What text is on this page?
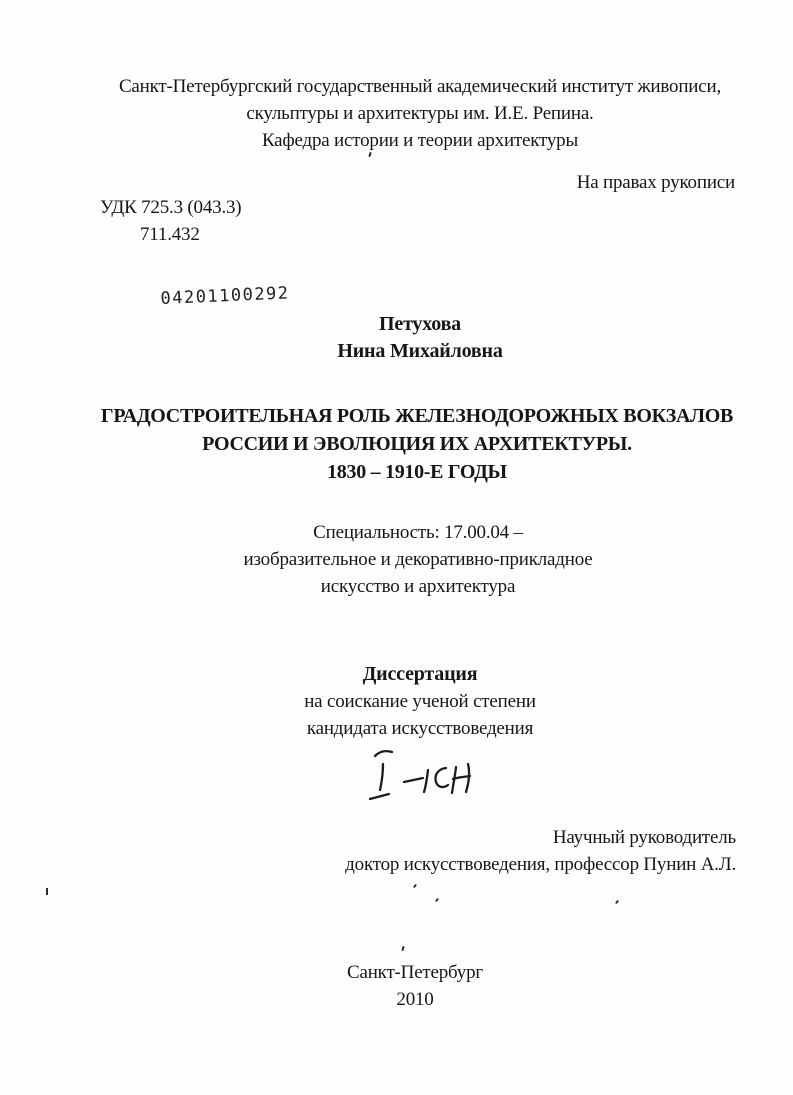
Санкт-Петербургский государственный академический институт живописи,
скульптуры и архитектуры им. И.Е. Репина.
Кафедра истории и теории архитектуры
На правах рукописи
УДК 725.3 (043.3)
711.432
04201100292
Петухова
Нина Михайловна
ГРАДОСТРОИТЕЛЬНАЯ РОЛЬ ЖЕЛЕЗНОДОРОЖНЫХ ВОКЗАЛОВ
РОССИИ И ЭВОЛЮЦИЯ ИХ АРХИТЕКТУРЫ.
1830 – 1910-Е ГОДЫ
Специальность: 17.00.04 –
изобразительное и декоративно-прикладное
искусство и архитектура
Диссертация
на соискание ученой степени
кандидата искусствоведения
Научный руководитель
доктор искусствоведения, профессор Пунин А.Л.
Санкт-Петербург
2010
